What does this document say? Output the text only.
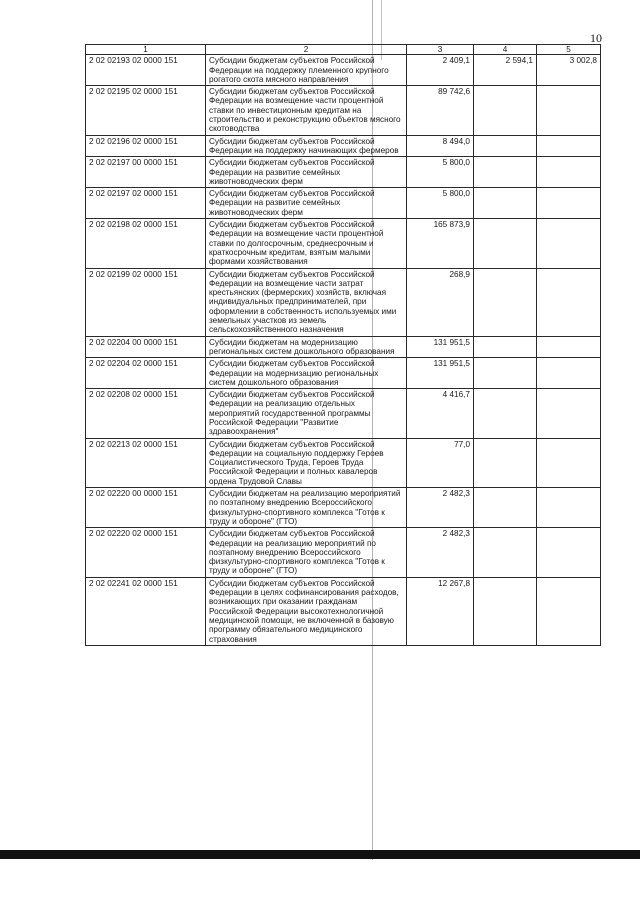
10
1	2	3	4	5
2 02 02193 02 0000 151	Субсидии бюджетам субъектов Российской Федерации на поддержку племенного крупного рогатого скота мясного направления	2 409,1	2 594,1	3 002,8
2 02 02195 02 0000 151	Субсидии бюджетам субъектов Российской Федерации на возмещение части процентной ставки по инвестиционным кредитам на строительство и реконструкцию объектов мясного скотоводства	89 742,6		
2 02 02196 02 0000 151	Субсидии бюджетам субъектов Российской Федерации на поддержку начинающих фермеров	8 494,0		
2 02 02197 00 0000 151	Субсидии бюджетам субъектов Российской Федерации на развитие семейных животноводческих ферм	5 800,0		
2 02 02197 02 0000 151	Субсидии бюджетам субъектов Российской Федерации на развитие семейных животноводческих ферм	5 800,0		
2 02 02198 02 0000 151	Субсидии бюджетам субъектов Российской Федерации на возмещение части процентной ставки по долгосрочным, среднесрочным и краткосрочным кредитам, взятым малыми формами хозяйствования	165 873,9		
2 02 02199 02 0000 151	Субсидии бюджетам субъектов Российской Федерации на возмещение части затрат крестьянских (фермерских) хозяйств, включая индивидуальных предпринимателей, при оформлении в собственность используемых ими земельных участков из земель сельскохозяйственного назначения	268,9		
2 02 02204 00 0000 151	Субсидии бюджетам на модернизацию региональных систем дошкольного образования	131 951,5		
2 02 02204 02 0000 151	Субсидии бюджетам субъектов Российской Федерации на модернизацию региональных систем дошкольного образования	131 951,5		
2 02 02208 02 0000 151	Субсидии бюджетам субъектов Российской Федерации на реализацию отдельных мероприятий государственной программы Российской Федерации "Развитие здравоохранения"	4 416,7		
2 02 02213 02 0000 151	Субсидии бюджетам субъектов Российской Федерации на социальную поддержку Героев Социалистического Труда, Героев Труда Российской Федерации и полных кавалеров ордена Трудовой Славы	77,0		
2 02 02220 00 0000 151	Субсидии бюджетам на реализацию мероприятий по поэтапному внедрению Всероссийского физкультурно-спортивного комплекса "Готов к труду и обороне" (ГТО)	2 482,3		
2 02 02220 02 0000 151	Субсидии бюджетам субъектов Российской Федерации на реализацию мероприятий по поэтапному внедрению Всероссийского физкультурно-спортивного комплекса "Готов к труду и обороне" (ГТО)	2 482,3		
2 02 02241 02 0000 151	Субсидии бюджетам субъектов Российской Федерации в целях софинансирования расходов, возникающих при оказании гражданам Российской Федерации высокотехнологичной медицинской помощи, не включенной в базовую программу обязательного медицинского страхования	12 267,8		
